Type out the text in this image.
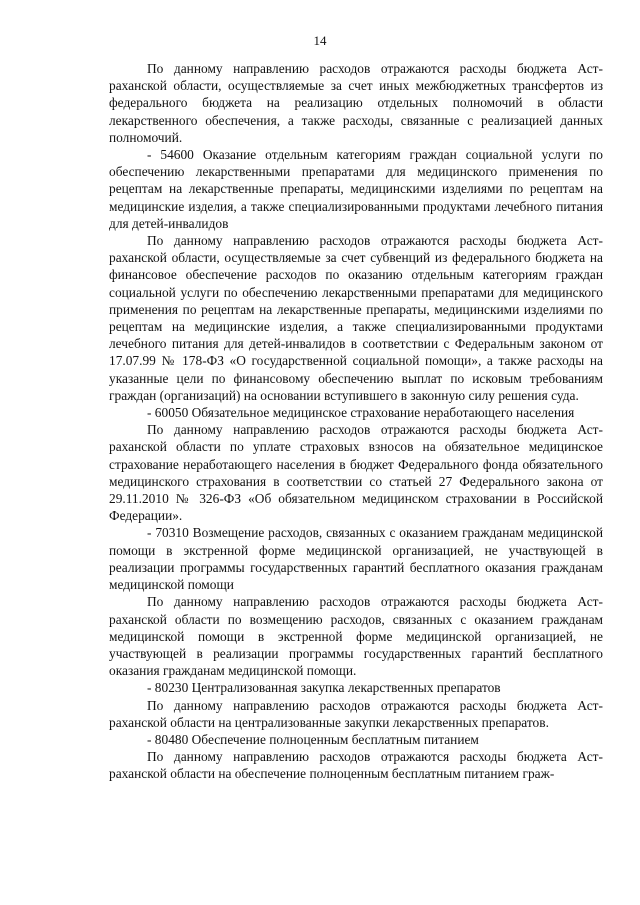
14

По данному направлению расходов отражаются расходы бюджета Астраханской области, осуществляемые за счет иных межбюджетных трансфертов из федерального бюджета на реализацию отдельных полномочий в области лекарственного обеспечения, а также расходы, связанные с реализацией данных полномочий.

- 54600 Оказание отдельным категориям граждан социальной услуги по обеспечению лекарственными препаратами для медицинского применения по рецептам на лекарственные препараты, медицинскими изделиями по рецептам на медицинские изделия, а также специализированными продуктами лечебного питания для детей-инвалидов

По данному направлению расходов отражаются расходы бюджета Астраханской области, осуществляемые за счет субвенций из федерального бюджета на финансовое обеспечение расходов по оказанию отдельным категориям граждан социальной услуги по обеспечению лекарственными препаратами для медицинского применения по рецептам на лекарственные препараты, медицинскими изделиями по рецептам на медицинские изделия, а также специализированными продуктами лечебного питания для детей-инвалидов в соответствии с Федеральным законом от 17.07.99 № 178-ФЗ «О государственной социальной помощи», а также расходы на указанные цели по финансовому обеспечению выплат по исковым требованиям граждан (организаций) на основании вступившего в законную силу решения суда.

- 60050 Обязательное медицинское страхование неработающего населения

По данному направлению расходов отражаются расходы бюджета Астраханской области по уплате страховых взносов на обязательное медицинское страхование неработающего населения в бюджет Федерального фонда обязательного медицинского страхования в соответствии со статьей 27 Федерального закона от 29.11.2010 № 326-ФЗ «Об обязательном медицинском страховании в Российской Федерации».

- 70310 Возмещение расходов, связанных с оказанием гражданам медицинской помощи в экстренной форме медицинской организацией, не участвующей в реализации программы государственных гарантий бесплатного оказания гражданам медицинской помощи

По данному направлению расходов отражаются расходы бюджета Астраханской области по возмещению расходов, связанных с оказанием гражданам медицинской помощи в экстренной форме медицинской организацией, не участвующей в реализации программы государственных гарантий бесплатного оказания гражданам медицинской помощи.

- 80230 Централизованная закупка лекарственных препаратов

По данному направлению расходов отражаются расходы бюджета Астраханской области на централизованные закупки лекарственных препаратов.

- 80480 Обеспечение полноценным бесплатным питанием

По данному направлению расходов отражаются расходы бюджета Астраханской области на обеспечение полноценным бесплатным питанием граж-
